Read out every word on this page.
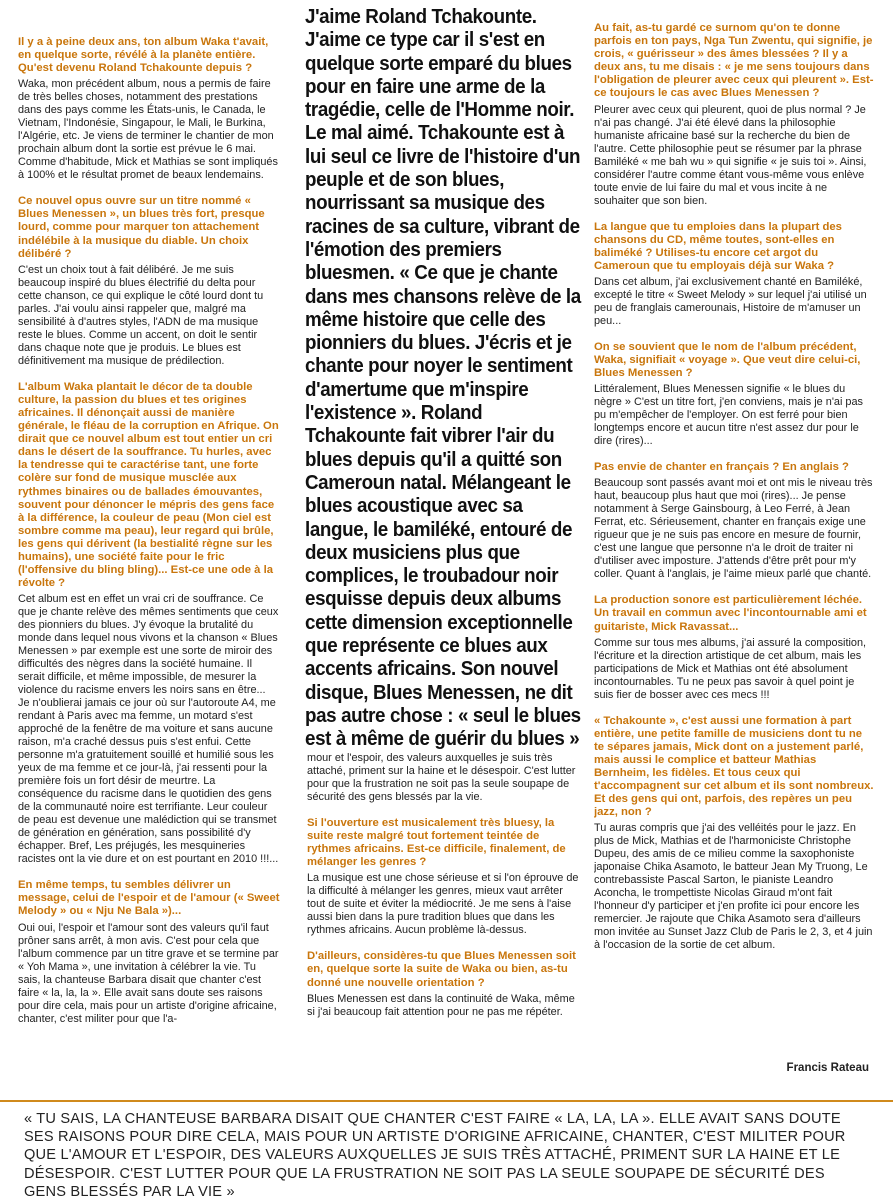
Il y a à peine deux ans, ton album Waka t'avait, en quelque sorte, révélé à la planète entière. Qu'est devenu Roland Tchakounte depuis ?

Waka, mon précédent album, nous a permis de faire de très belles choses, notamment des prestations dans des pays comme les États-unis, le Canada, le Vietnam, l'Indonésie, Singapour, le Mali, le Burkina, l'Algérie, etc. Je viens de terminer le chantier de mon prochain album dont la sortie est prévue le 6 mai. Comme d'habitude, Mick et Mathias se sont impliqués à 100% et le résultat promet de beaux lendemains.

Ce nouvel opus ouvre sur un titre nommé « Blues Menessen », un blues très fort, presque lourd, comme pour marquer ton attachement indélébile à la musique du diable. Un choix délibéré ?

C'est un choix tout à fait délibéré. Je me suis beaucoup inspiré du blues électrifié du delta pour cette chanson, ce qui explique le côté lourd dont tu parles. J'ai voulu ainsi rappeler que, malgré ma sensibilité à d'autres styles, l'ADN de ma musique reste le blues. Comme un accent, on doit le sentir dans chaque note que je produis. Le blues est définitivement ma musique de prédilection.

L'album Waka plantait le décor de ta double culture, la passion du blues et tes origines africaines. Il dénonçait aussi de manière générale, le fléau de la corruption en Afrique. On dirait que ce nouvel album est tout entier un cri dans le désert de la souffrance. Tu hurles, avec la tendresse qui te caractérise tant, une forte colère sur fond de musique musclée aux rythmes binaires ou de ballades émouvantes, souvent pour dénoncer le mépris des gens face à la différence, la couleur de peau (Mon ciel est sombre comme ma peau), leur regard qui brûle, les gens qui dérivent (la bestialité règne sur les humains), une société faite pour le fric (l'offensive du bling bling)... Est-ce une ode à la révolte ?

Cet album est en effet un vrai cri de souffrance. Ce que je chante relève des mêmes sentiments que ceux des pionniers du blues. J'y évoque la brutalité du monde dans lequel nous vivons et la chanson « Blues Menessen » par exemple est une sorte de miroir des difficultés des nègres dans la société humaine. Il serait difficile, et même impossible, de mesurer la violence du racisme envers les noirs sans en être... Je n'oublierai jamais ce jour où sur l'autoroute A4, me rendant à Paris avec ma femme, un motard s'est approché de la fenêtre de ma voiture et sans aucune raison, m'a craché dessus puis s'est enfui. Cette personne m'a gratuitement souillé et humilié sous les yeux de ma femme et ce jour-là, j'ai ressenti pour la première fois un fort désir de meurtre. La conséquence du racisme dans le quotidien des gens de la communauté noire est terrifiante. Leur couleur de peau est devenue une malédiction qui se transmet de génération en génération, sans possibilité d'y échapper. Bref, Les préjugés, les mesquineries racistes ont la vie dure et on est pourtant en 2010 !!!...

En même temps, tu sembles délivrer un message, celui de l'espoir et de l'amour (« Sweet Melody » ou « Nju Ne Bala »)...

Oui oui, l'espoir et l'amour sont des valeurs qu'il faut prôner sans arrêt, à mon avis. C'est pour cela que l'album commence par un titre grave et se termine par « Yoh Mama », une invitation à célébrer la vie. Tu sais, la chanteuse Barbara disait que chanter c'est faire « la, la, la ». Elle avait sans doute ses raisons pour dire cela, mais pour un artiste d'origine africaine, chanter, c'est militer pour que l'a-

J'aime Roland Tchakounte. J'aime ce type car il s'est en quelque sorte emparé du blues pour en faire une arme de la tragédie, celle de l'Homme noir. Le mal aimé. Tchakounte est à lui seul ce livre de l'histoire d'un peuple et de son blues, nourrissant sa musique des racines de sa culture, vibrant de l'émotion des premiers bluesmen. « Ce que je chante dans mes chansons relève de la même histoire que celle des pionniers du blues. J'écris et je chante pour noyer le sentiment d'amertume que m'inspire l'existence ». Roland Tchakounte fait vibrer l'air du blues depuis qu'il a quitté son Cameroun natal. Mélangeant le blues acoustique avec sa langue, le bamiléké, entouré de deux musiciens plus que complices, le troubadour noir esquisse depuis deux albums cette dimension exceptionnelle que représente ce blues aux accents africains. Son nouvel disque, Blues Menessen, ne dit pas autre chose : « seul le blues est à même de guérir du blues »

mour et l'espoir, des valeurs auxquelles je suis très attaché, priment sur la haine et le désespoir. C'est lutter pour que la frustration ne soit pas la seule soupape de sécurité des gens blessés par la vie.

Si l'ouverture est musicalement très bluesy, la suite reste malgré tout fortement teintée de rythmes africains. Est-ce difficile, finalement, de mélanger les genres ?

La musique est une chose sérieuse et si l'on éprouve de la difficulté à mélanger les genres, mieux vaut arrêter tout de suite et éviter la médiocrité. Je me sens à l'aise aussi bien dans la pure tradition blues que dans les rythmes africains. Aucun problème là-dessus.

D'ailleurs, considères-tu que Blues Menessen soit en, quelque sorte la suite de Waka ou bien, as-tu donné une nouvelle orientation ?

Blues Menessen est dans la continuité de Waka, même si j'ai beaucoup fait attention pour ne pas me répéter.

Au fait, as-tu gardé ce surnom qu'on te donne parfois en ton pays, Nga Tun Zwentu, qui signifie, je crois, « guérisseur » des âmes blessées ? Il y a deux ans, tu me disais : « je me sens toujours dans l'obligation de pleurer avec ceux qui pleurent ». Est-ce toujours le cas avec Blues Menessen ?

Pleurer avec ceux qui pleurent, quoi de plus normal ? Je n'ai pas changé. J'ai été élevé dans la philosophie humaniste africaine basé sur la recherche du bien de l'autre. Cette philosophie peut se résumer par la phrase Bamiléké « me bah wu » qui signifie « je suis toi ». Ainsi, considérer l'autre comme étant vous-même vous enlève toute envie de lui faire du mal et vous incite à ne souhaiter que son bien.

La langue que tu emploies dans la plupart des chansons du CD, même toutes, sont-elles en baliméké ? Utilises-tu encore cet argot du Cameroun que tu employais déjà sur Waka ?

Dans cet album, j'ai exclusivement chanté en Bamiléké, excepté le titre « Sweet Melody » sur lequel j'ai utilisé un peu de franglais camerounais, Histoire de m'amuser un peu...

On se souvient que le nom de l'album précédent, Waka, signifiait « voyage ». Que veut dire celui-ci, Blues Menessen ?

Littéralement, Blues Menessen signifie « le blues du nègre » C'est un titre fort, j'en conviens, mais je n'ai pas pu m'empêcher de l'employer. On est ferré pour bien longtemps encore et aucun titre n'est assez dur pour le dire (rires)...

Pas envie de chanter en français ? En anglais ?

Beaucoup sont passés avant moi et ont mis le niveau très haut, beaucoup plus haut que moi (rires)... Je pense notamment à Serge Gainsbourg, à Leo Ferré, à Jean Ferrat, etc. Sérieusement, chanter en français exige une rigueur que je ne suis pas encore en mesure de fournir, c'est une langue que personne n'a le droit de traiter ni d'utiliser avec imposture. J'attends d'être prêt pour m'y coller. Quant à l'anglais, je l'aime mieux parlé que chanté.

La production sonore est particulièrement léchée. Un travail en commun avec l'incontournable ami et guitariste, Mick Ravassat...

Comme sur tous mes albums, j'ai assuré la composition, l'écriture et la direction artistique de cet album, mais les participations de Mick et Mathias ont été absolument incontournables. Tu ne peux pas savoir à quel point je suis fier de bosser avec ces mecs !!!

« Tchakounte », c'est aussi une formation à part entière, une petite famille de musiciens dont tu ne te sépares jamais, Mick dont on a justement parlé, mais aussi le complice et batteur Mathias Bernheim, les fidèles. Et tous ceux qui t'accompagnent sur cet album et ils sont nombreux. Et des gens qui ont, parfois, des repères un peu jazz, non ?

Tu auras compris que j'ai des velléités pour le jazz. En plus de Mick, Mathias et de l'harmoniciste Christophe Dupeu, des amis de ce milieu comme la saxophoniste japonaise Chika Asamoto, le batteur Jean My Truong, Le contrebassiste Pascal Sarton, le pianiste Leandro Aconcha, le trompettiste Nicolas Giraud m'ont fait l'honneur d'y participer et j'en profite ici pour encore les remercier. Je rajoute que Chika Asamoto sera d'ailleurs mon invitée au Sunset Jazz Club de Paris le 2, 3, et 4 juin à l'occasion de la sortie de cet album.

Francis Rateau
« TU SAIS, LA CHANTEUSE BARBARA DISAIT QUE CHANTER C'EST FAIRE « LA, LA, LA ». ELLE AVAIT SANS DOUTE SES RAISONS POUR DIRE CELA, MAIS POUR UN ARTISTE D'ORIGINE AFRICAINE, CHANTER, C'EST MILITER POUR QUE L'AMOUR ET L'ESPOIR, DES VALEURS AUXQUELLES JE SUIS TRÈS ATTACHÉ, PRIMENT SUR LA HAINE ET LE DÉSESPOIR. C'EST LUTTER POUR QUE LA FRUSTRATION NE SOIT PAS LA SEULE SOUPAPE DE SÉCURITÉ DES GENS BLESSÉS PAR LA VIE »
